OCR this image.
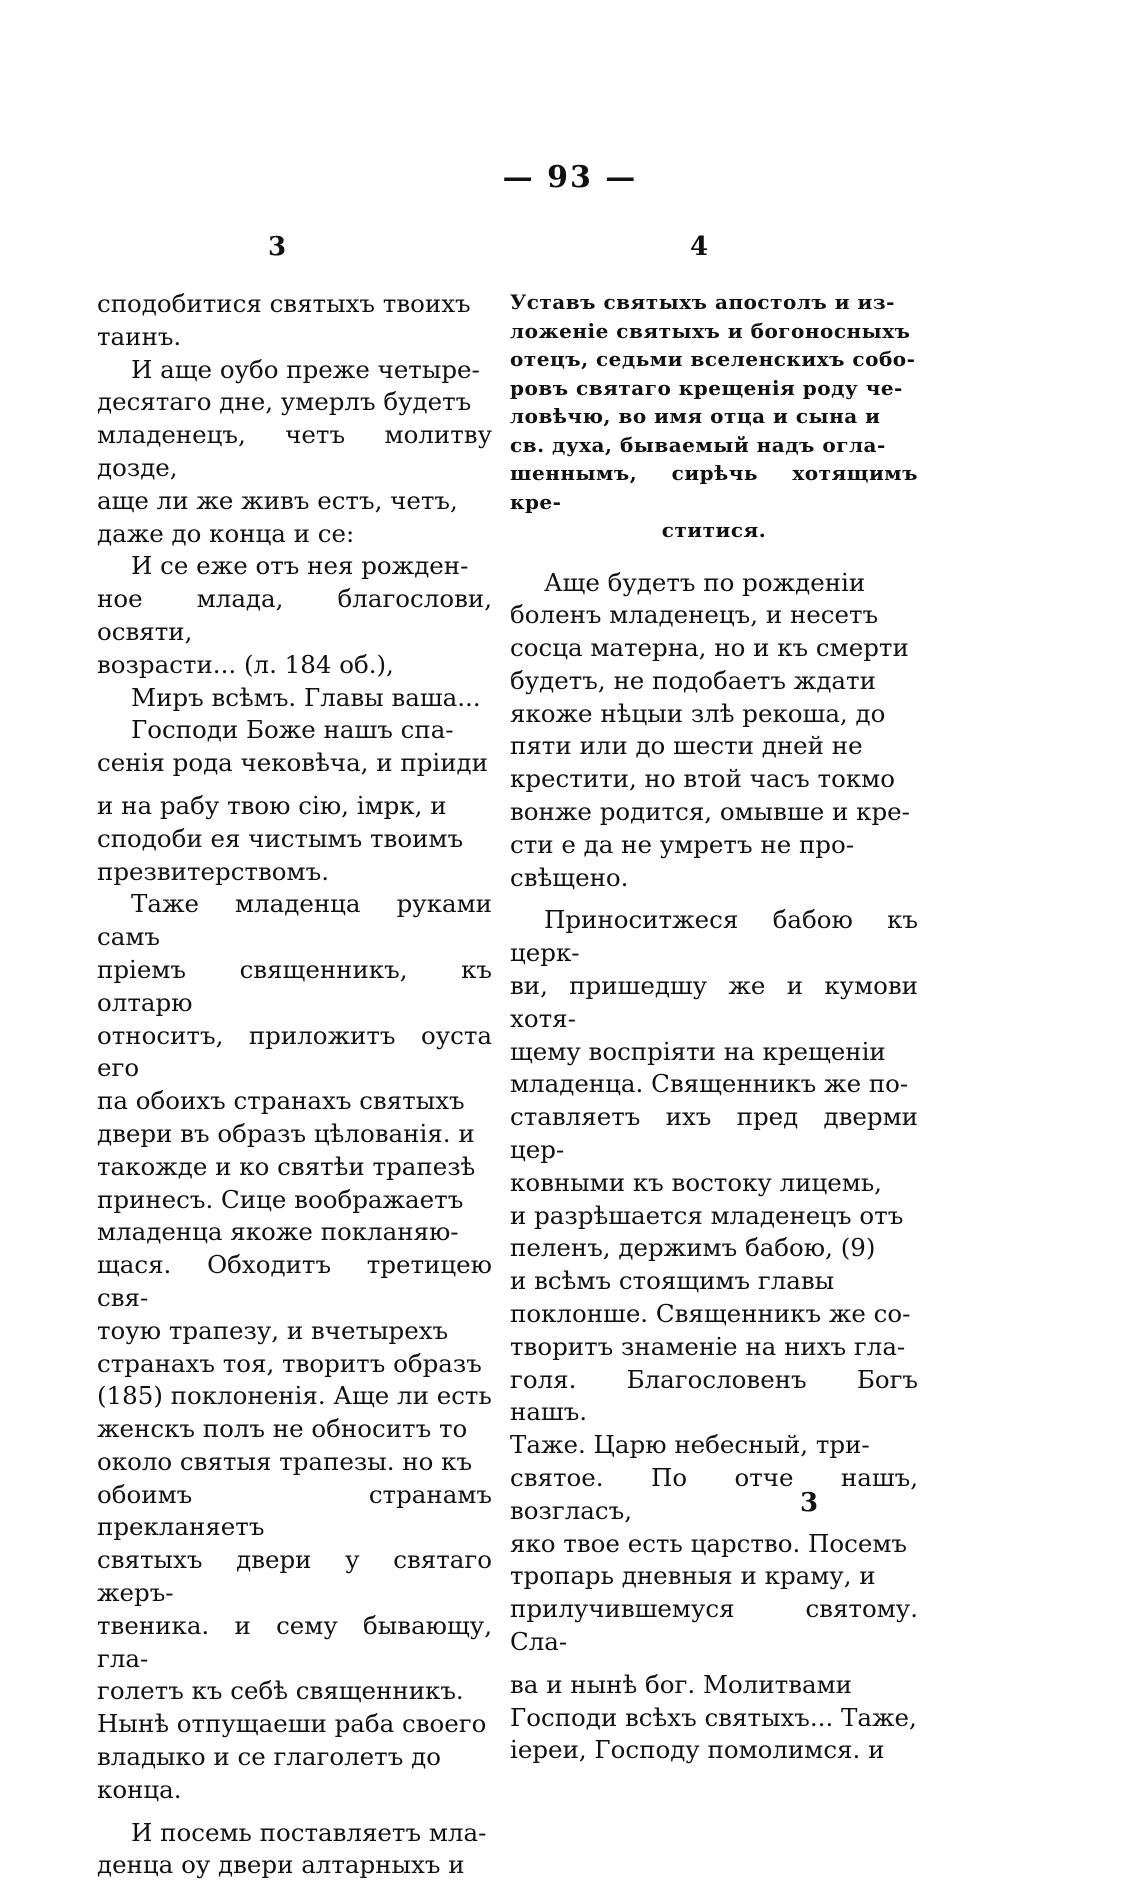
— 93 —
3	4

сподобитися святыхъ твоихъ

таинъ.

И аще оубо преже четыре-

десятаго дне, умерлъ будетъ

младенецъ, четъ молитву дозде,

аще ли же живъ естъ, четъ,

даже до конца и се:

И се еже отъ нея рожден-

ное млада, благослови, освяти,

возрасти... (л. 184 об.),

Миръ всѣмъ. Главы ваша...

Господи Боже нашъ спа-

сенія рода чековѣча, и пріиди

и на рабу твою сію, імрк, и

сподоби ея чистымъ твоимъ

презвитерствомъ.

Таже младенца руками самъ

пріемъ священникъ, къ олтарю

относитъ, приложитъ оуста его

па обоихъ странахъ святыхъ

двери въ образъ цѣлованія. и

такожде и ко святѣи трапезѣ

принесъ. Сице воображаетъ

младенца якоже покланяю-

щася. Обходитъ третицею свя-

тоую трапезу, и вчетырехъ

странахъ тоя, творитъ образъ

(185) поклоненія. Аще ли есть

женскъ полъ не обноситъ то

около святыя трапезы. но къ

обоимъ странамъ прекланяетъ

святыхъ двери у святаго жеръ-

твеника. и сему бывающу, гла-

голетъ къ себѣ священникъ.

Нынѣ отпущаеши раба своего

владыко и се глаголетъ до

конца.

И посемь поставляетъ мла-

денца оу двери алтарныхъ и

Уставъ святыхъ апостолъ и из-

ложеніе святыхъ и богоносныхъ

отецъ, седьми вселенскихъ собо-

ровъ святаго крещенія роду че-

ловѣчю, во имя отца и сына и

св. духа, бываемый надъ огла-

шеннымъ, сирѣчь хотящимъ кре-

ститися.

Аще будетъ по рожденіи

боленъ младенецъ, и несетъ

сосца матерна, но и къ смерти

будетъ, не подобаетъ ждати

якоже нѣцыи злѣ рекоша, до

пяти или до шести дней не

крестити, но втой часъ токмо

вонже родится, омывше и кре-

сти е да не умретъ не про-

свѣщено.

Приноситжеся бабою къ церк-

ви, пришедшу же и кумови хотя-

щему воспріяти на крещеніи

младенца. Священникъ же по-

ставляетъ ихъ пред дверми цер-

ковными къ востоку лицемь,

и разрѣшается младенецъ отъ

пеленъ, держимъ бабою, (9)

и всѣмъ стоящимъ главы

поклонше. Священникъ же со-

творитъ знаменіе на нихъ гла-

голя. Благословенъ Богъ нашъ.

Таже. Царю небесный, три-

святое. По отче нашъ, возгласъ,

яко твое есть царство. Посемъ

тропарь дневныя и краму, и

прилучившемуся святому. Сла-

ва и нынѣ бог. Молитвами

Господи всѣхъ святыхъ... Таже,

іереи, Господу помолимся. и

3
